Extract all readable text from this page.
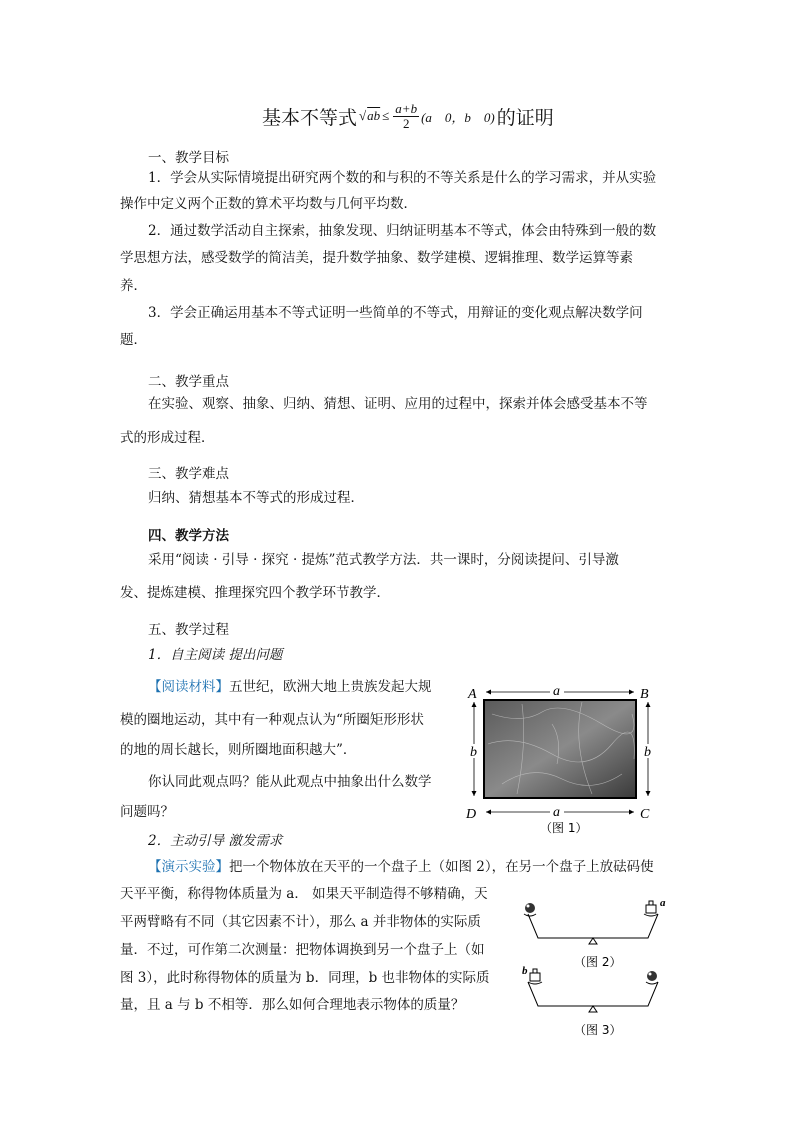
基本不等式 √ ab ≤ $\frac{a+b}{2} (a$　0，b　0) 的证明
一、教学目标
1．学会从实际情境提出研究两个数的和与积的不等关系是什么的学习需求，并从实验
操作中定义两个正数的算术平均数与几何平均数．
2．通过数学活动自主探索，抽象发现、归纳证明基本不等式，体会由特殊到一般的数
学思想方法，感受数学的简洁美，提升数学抽象、数学建模、逻辑推理、数学运算等素
养．
3．学会正确运用基本不等式证明一些简单的不等式，用辩证的变化观点解决数学问
题．
二、教学重点
在实验、观察、抽象、归纳、猜想、证明、应用的过程中，探索并体会感受基本不等
式的形成过程．
三、教学难点
归纳、猜想基本不等式的形成过程．
四、教学方法
采用“阅读 · 引导 · 探究 · 提炼”范式教学方法．共一课时，分阅读提问、引导激
发、提炼建模、推理探究四个教学环节教学．
五、教学过程
1．自主阅读 提出问题
【阅读材料】五世纪，欧洲大地上贵族发起大规
模的圈地运动，其中有一种观点认为“所圈矩形形状
的地的周长越长，则所圈地面积越大”．
你认同此观点吗？能从此观点中抽象出什么数学
问题吗？
2．主动引导 激发需求
【演示实验】把一个物体放在天平的一个盘子上（如图 2），在另一个盘子上放砝码使
天平平衡，称得物体质量为 a． 如果天平制造得不够精确，天
平两臂略有不同（其它因素不计），那么 a 并非物体的实际质
量．不过，可作第二次测量：把物体调换到另一个盘子上（如
图 3），此时称得物体的质量为 b．同理，b 也非物体的实际质
量，且 a 与 b 不相等．那么如何合理地表示物体的质量？
A	B
C
D
a
a
b	b
（图 1）
a
（图 2）
b
（图 3）
